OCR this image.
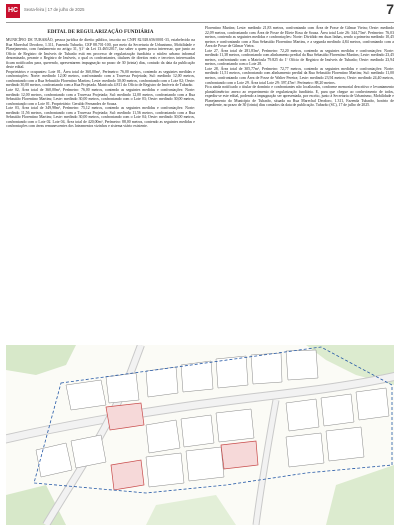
HC	Sexta-feira | 17 de julho de 2025	7
EDITAL DE REGULARIZAÇÃO FUNDIÁRIA

MUNICÍPIO DE TUBARÃO, pessoa jurídica de direito público, inscrito no CNPJ 82.928.656/0001-33, estabelecido na Rua Marechal Deodoro, 1.311, Fazenda Tubarão, CEP 88.701-100, por meio da Secretaria de Urbanismo, Mobilidade e Planejamento, com fundamento no artigo 31, §1º da Lei 13.465/2017, faz saber a quem possa interessar, que junto ao Ofício de Registro de Imóveis de Tubarão está em processo de regularização fundiária o núcleo urbano informal denominado, perante o Registro de Imóveis, o qual os confrontantes, titulares de direitos reais e terceiros interessados ficam notificados para, querendo, apresentarem impugnação no prazo de 30 (trinta) dias, contado da data da publicação deste edital.

Proprietários e ocupantes: Lote 01, Área total de 360,00m², Perímetro: 76,00 metros, contendo as seguintes medidas e confrontações: Norte: medindo 12,00 metros, confrontando com a Travessa Projetada; Sul: medindo 12,00 metros, confrontando com a Rua Sebastião Florentino Martins; Leste: medindo 30,00 metros, confrontando com o Lote 02; Oeste: medindo 30,00 metros, confrontando com a Rua Projetada. Matrícula 4.811 do Ofício de Registro de Imóveis de Tubarão.

Lote 02, Área total de 360,00m², Perímetro: 76,00 metros, contendo as seguintes medidas e confrontações: Norte: medindo 12,00 metros, confrontando com a Travessa Projetada; Sul: medindo 12,00 metros, confrontando com a Rua Sebastião Florentino Martins; Leste: medindo 30,00 metros, confrontando com o Lote 03; Oeste: medindo 30,00 metros, confrontando com o Lote 01. Proprietário: Geraldo Fernandes de Souza.

Lote 03, Área total de 349,98m², Perímetro: 75,12 metros, contendo as seguintes medidas e confrontações: Norte: medindo 11,56 metros, confrontando com a Travessa Projetada; Sul: medindo 11,56 metros, confrontando com a Rua Sebastião Florentino Martins; Leste: medindo 30,00 metros, confrontando com o Lote 04; Oeste: medindo 30,00 metros, confrontando com o Lote 02. Lote 04, Área total de 420,00m², Perímetro: 88,00 metros, contendo as seguintes medidas e confrontações com áreas remanescentes dos loteamentos vizinhos e sistema viário existente.

Florentino Martins; Leste: medindo 21,83 metros, confrontando com Área de Posse de Gilmar Vieira; Oeste: medindo 22,09 metros, confrontando com Área de Posse de Eliete Rosa de Souza. Área total Lote 26: 344,73m². Perímetro: 76,03 metros, contendo as seguintes medidas e confrontações: Norte: Dividido em duas linhas, sendo a primeira medindo 10,45 metros e confrontando com a Rua Sebastião Florentino Martins, e a segunda medindo 4,84 metros, confrontando com a Área de Posse de Gilmar Vieira.

Lote 27, Área total de 281,83m², Perímetro: 72,20 metros, contendo as seguintes medidas e confrontações: Norte: medindo 11,38 metros, confrontando com alinhamento predial da Rua Sebastião Florentino Martins; Leste: medindo 23,45 metros, confrontando com a Matrícula 79.825 do 1º Ofício de Registro de Imóveis de Tubarão; Oeste: medindo 23,94 metros, confrontando com o Lote 28.

Lote 28, Área total de 305,77m², Perímetro: 72,77 metros, contendo as seguintes medidas e confrontações: Norte: medindo 11,51 metros, confrontando com alinhamento predial da Rua Sebastião Florentino Martins; Sul: medindo 11,00 metros, confrontando com Área de Posse de Walter Pereira; Leste: medindo 23,94 metros; Oeste: medindo 24,40 metros, confrontando com o Lote 29. Área total Lote 29: 397,47m². Perímetro: 88,20 metros.

Fica ainda notificado o titular de domínio e confrontantes não localizados, conforme memorial descritivo e levantamento planialtimétrico anexo ao requerimento de regularização fundiária. E, para que chegue ao conhecimento de todos, expediu-se este edital, podendo a impugnação ser apresentada, por escrito, junto à Secretaria de Urbanismo, Mobilidade e Planejamento do Município de Tubarão, situada na Rua Marechal Deodoro, 1.311, Fazenda Tubarão, horário de expediente, no prazo de 30 (trinta) dias contados da data de publicação. Tubarão (SC), 17 de julho de 2025.
